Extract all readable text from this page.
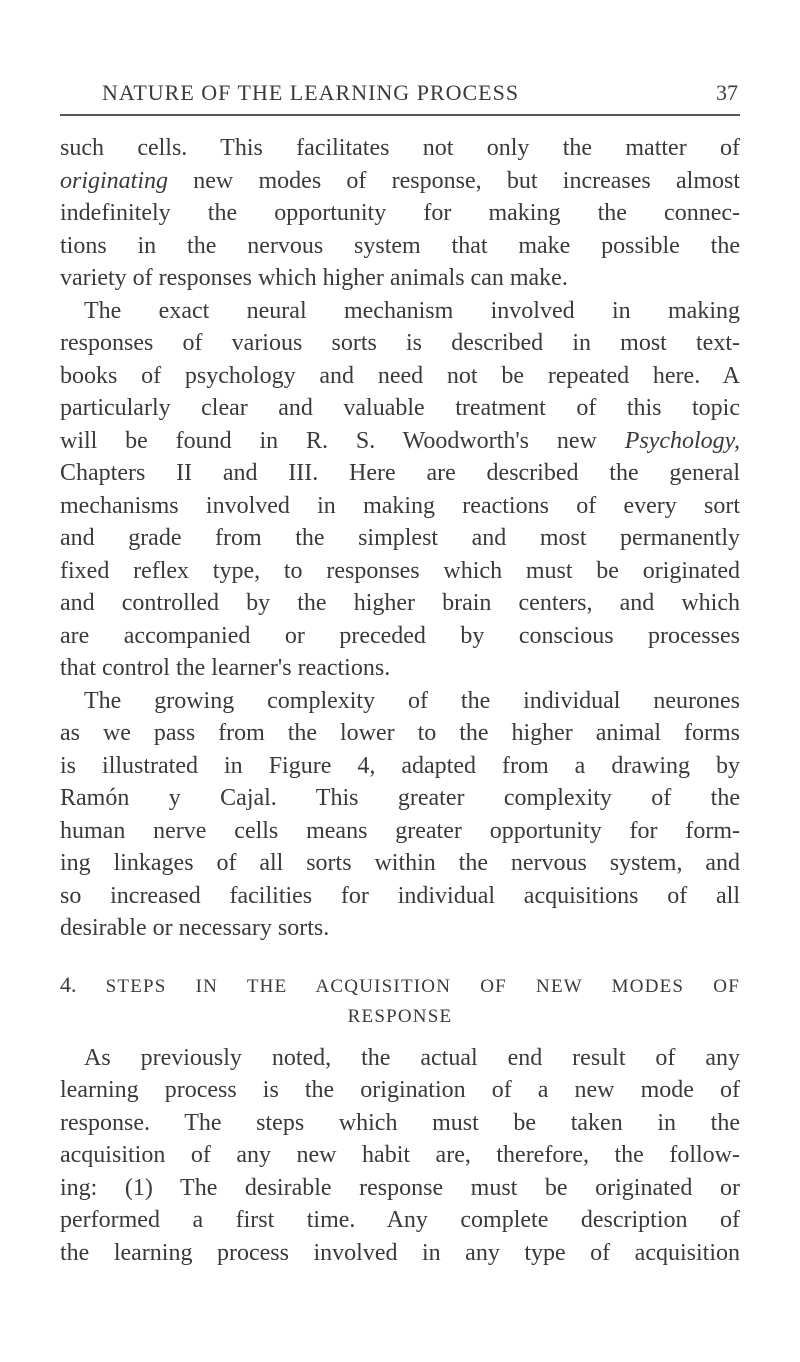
NATURE OF THE LEARNING PROCESS	37
such cells. This facilitates not only the matter of
originating new modes of response, but increases almost
indefinitely the opportunity for making the connec-
tions in the nervous system that make possible the
variety of responses which higher animals can make.
The exact neural mechanism involved in making
responses of various sorts is described in most text-
books of psychology and need not be repeated here. A
particularly clear and valuable treatment of this topic
will be found in R. S. Woodworth's new Psychology,
Chapters II and III. Here are described the general
mechanisms involved in making reactions of every sort
and grade from the simplest and most permanently
fixed reflex type, to responses which must be originated
and controlled by the higher brain centers, and which
are accompanied or preceded by conscious processes
that control the learner's reactions.
The growing complexity of the individual neurones
as we pass from the lower to the higher animal forms
is illustrated in Figure 4, adapted from a drawing by
Ramón y Cajal. This greater complexity of the
human nerve cells means greater opportunity for form-
ing linkages of all sorts within the nervous system, and
so increased facilities for individual acquisitions of all
desirable or necessary sorts.
4. STEPS IN THE ACQUISITION OF NEW MODES OF
RESPONSE
As previously noted, the actual end result of any
learning process is the origination of a new mode of
response. The steps which must be taken in the
acquisition of any new habit are, therefore, the follow-
ing: (1) The desirable response must be originated or
performed a first time. Any complete description of
the learning process involved in any type of acquisition
